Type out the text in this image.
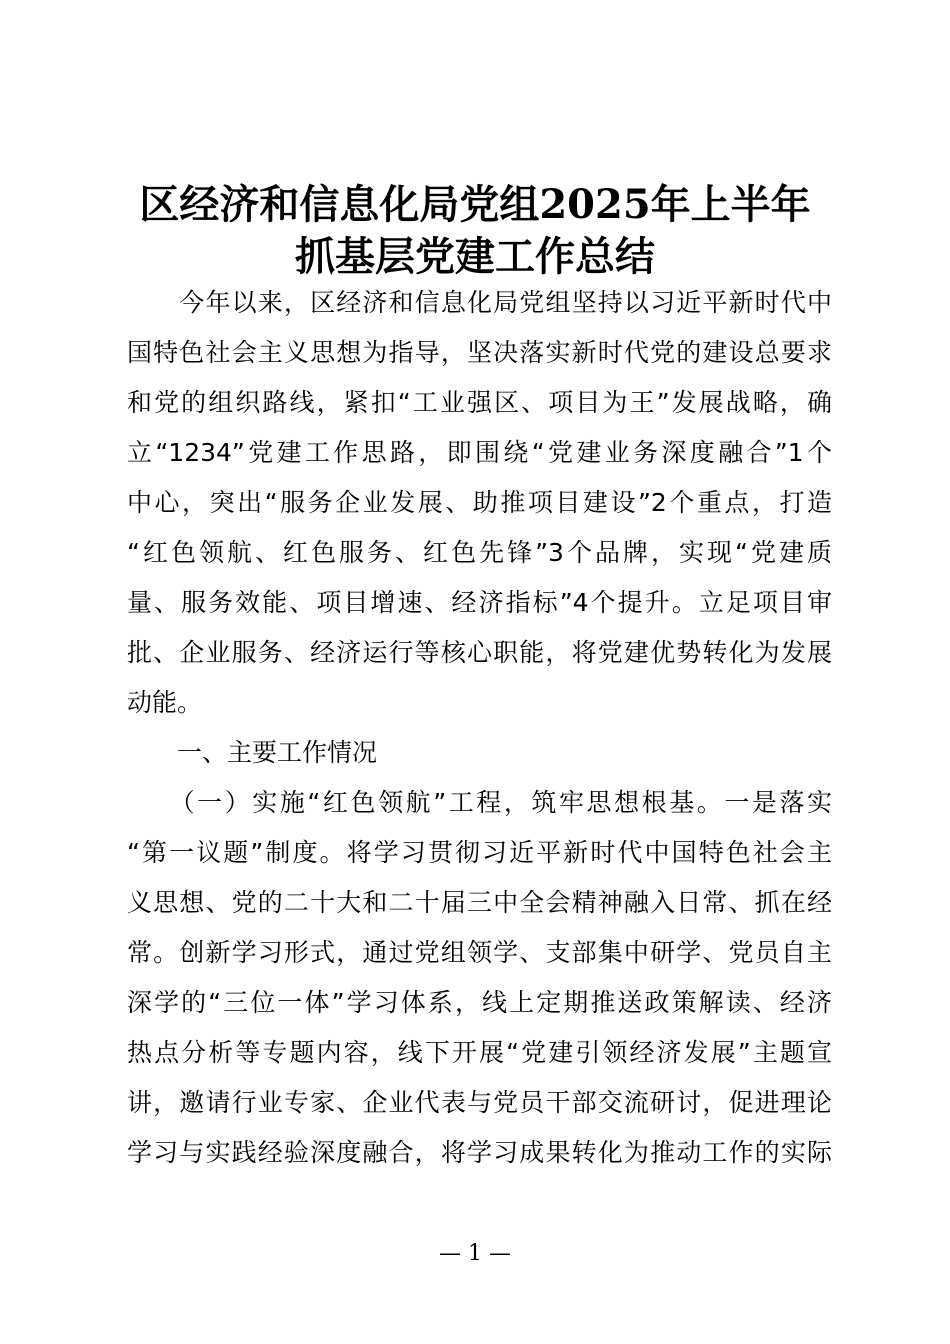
区经济和信息化局党组2025年上半年
抓基层党建工作总结
　　今年以来，区经济和信息化局党组坚持以习近平新时代中
国特色社会主义思想为指导，坚决落实新时代党的建设总要求
和党的组织路线，紧扣“工业强区、项目为王”发展战略，确
立“1234”党建工作思路，即围绕“党建业务深度融合”1个
中心，突出“服务企业发展、助推项目建设”2个重点，打造
“红色领航、红色服务、红色先锋”3个品牌，实现“党建质
量、服务效能、项目增速、经济指标”4个提升。立足项目审
批、企业服务、经济运行等核心职能，将党建优势转化为发展
动能。
　　一、主要工作情况
　　（一）实施“红色领航”工程，筑牢思想根基。一是落实
“第一议题”制度。将学习贯彻习近平新时代中国特色社会主
义思想、党的二十大和二十届三中全会精神融入日常、抓在经
常。创新学习形式，通过党组领学、支部集中研学、党员自主
深学的“三位一体”学习体系，线上定期推送政策解读、经济
热点分析等专题内容，线下开展“党建引领经济发展”主题宣
讲，邀请行业专家、企业代表与党员干部交流研讨，促进理论
学习与实践经验深度融合，将学习成果转化为推动工作的实际
— 1 —
